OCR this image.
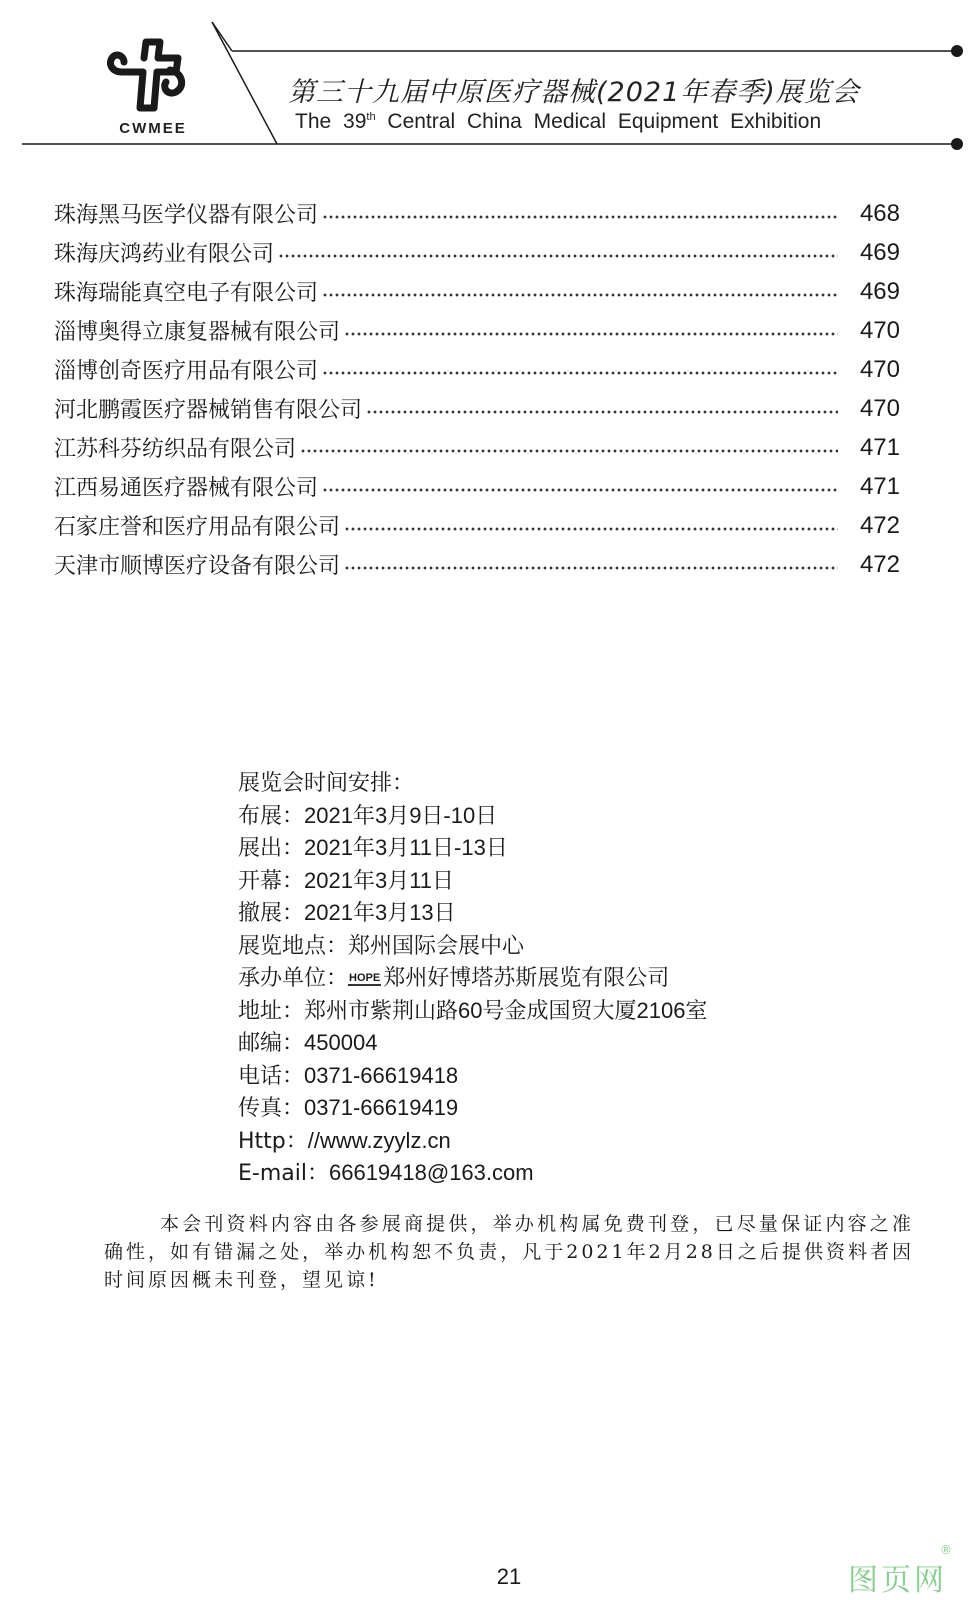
CWMEE
第三十九届中原医疗器械(2021年春季)展览会
The 39th Central China Medical Equipment Exhibition
珠海黑马医学仪器有限公司	468
珠海庆鸿药业有限公司	469
珠海瑞能真空电子有限公司	469
淄博奥得立康复器械有限公司	470
淄博创奇医疗用品有限公司	470
河北鹏霞医疗器械销售有限公司	470
江苏科芬纺织品有限公司	471
江西易通医疗器械有限公司	471
石家庄誉和医疗用品有限公司	472
天津市顺博医疗设备有限公司	472
展览会时间安排：
布展：2021年3月9日-10日
展出：2021年3月11日-13日
开幕：2021年3月11日
撤展：2021年3月13日
展览地点：郑州国际会展中心
承办单位：HOPE 郑州好博塔苏斯展览有限公司
地址：郑州市紫荆山路60号金成国贸大厦2106室
邮编：450004
电话：0371-66619418
传真：0371-66619419
Http：//www.zyylz.cn
E-mail：66619418@163.com
本会刊资料内容由各参展商提供，举办机构属免费刊登，已尽量保证内容之准确性，如有错漏之处，举办机构恕不负责，凡于2021年2月28日之后提供资料者因时间原因概未刊登，望见谅!
21	图页网
®
